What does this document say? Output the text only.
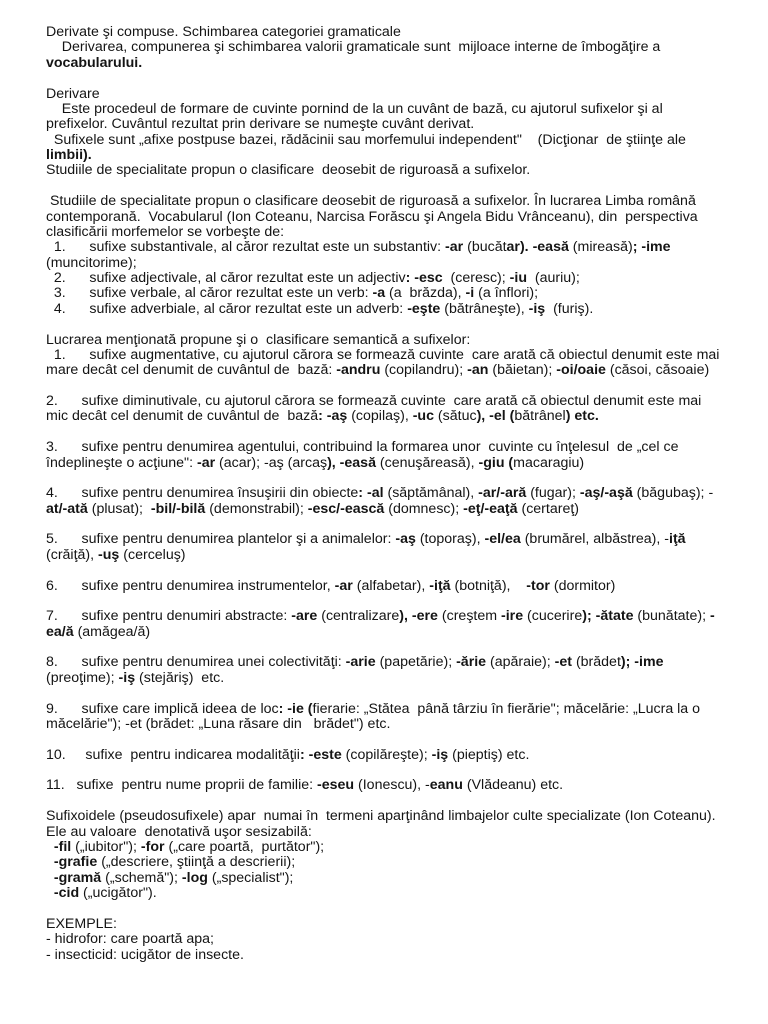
Derivate şi compuse. Schimbarea categoriei gramaticale
Derivarea, compunerea şi schimbarea valorii gramaticale sunt  mijloace interne de îmbogăţire a
vocabularului.
Derivare
Este procedeul de formare de cuvinte pornind de la un cuvânt de bază, cu ajutorul sufixelor şi al
prefixelor. Cuvântul rezultat prin derivare se numeşte cuvânt derivat.
Sufixele sunt „afixe postpuse bazei, rădăcinii sau morfemului independent"    (Dicţionar  de ştiinţe ale
limbii).
Studiile de specialitate propun o clasificare  deosebit de riguroasă a sufixelor.
Studiile de specialitate propun o clasificare deosebit de riguroasă a sufixelor. În lucrarea Limba română
contemporană.  Vocabularul (Ion Coteanu, Narcisa Forăscu şi Angela Bidu Vrânceanu), din  perspectiva
clasificării morfemelor se vorbeşte de:
1.      sufixe substantivale, al căror rezultat este un substantiv: -ar (bucătar). -easă (mireasă); -ime
(muncitorime);
2.      sufixe adjectivale, al căror rezultat este un adjectiv: -esc  (ceresc); -iu  (auriu);
3.      sufixe verbale, al căror rezultat este un verb: -a (a  brăzda), -i (a înflori);
4.      sufixe adverbiale, al căror rezultat este un adverb: -eşte (bătrâneşte), -iş  (furiş).
Lucrarea menţionată propune şi o  clasificare semantică a sufixelor:
1.      sufixe augmentative, cu ajutorul cărora se formează cuvinte  care arată că obiectul denumit este mai
mare decât cel denumit de cuvântul de  bază: -andru (copilandru); -an (băietan); -oi/oaie (căsoi, căsoaie)
2.      sufixe diminutivale, cu ajutorul cărora se formează cuvinte  care arată că obiectul denumit este mai
mic decât cel denumit de cuvântul de  bază: -aş (copilaş), -uc (sătuc), -el (bătrânel) etc.
3.      sufixe pentru denumirea agentului, contribuind la formarea unor  cuvinte cu înţelesul  de „cel ce
îndeplineşte o acţiune": -ar (acar); -aş (arcaş), -easă (cenuşăreasă), -giu (macaragiu)
4.      sufixe pentru denumirea însuşirii din obiecte: -al (săptămânal), -ar/-ară (fugar); -aş/-aşă (băgubaş); -
at/-ată (plusat);  -bil/-bilă (demonstrabil); -esc/-ească (domnesc); -eţ/-eaţă (certareţ)
5.      sufixe pentru denumirea plantelor şi a animalelor: -aş (toporaş), -el/ea (brumărel, albăstrea), -iţă
(crăiţă), -uş (cerceluş)
6.      sufixe pentru denumirea instrumentelor, -ar (alfabetar), -iţă (botniţă),    -tor (dormitor)
7.      sufixe pentru denumiri abstracte: -are (centralizare), -ere (creştem -ire (cucerire); -ătate (bunătate); -
ea/ă (amăgea/ă)
8.      sufixe pentru denumirea unei colectivităţi: -arie (papetărie); -ărie (apăraie); -et (brădet); -ime
(preoţime); -iş (stejăriş)  etc.
9.      sufixe care implică ideea de loc: -ie (fierarie: „Stătea  până târziu în fierărie"; măcelărie: „Lucra la o
măcelărie"); -et (brădet: „Luna răsare din   brădet") etc.
10.     sufixe  pentru indicarea modalităţii: -este (copilăreşte); -iş (pieptiş) etc.
11.   sufixe  pentru nume proprii de familie: -eseu (Ionescu), -eanu (Vlădeanu) etc.
Sufixoidele (pseudosufixele) apar  numai în  termeni aparţinând limbajelor culte specializate (Ion Coteanu).
Ele au valoare  denotativă uşor sesizabilă:
-fil („iubitor"); -for („care poartă,  purtător");
-grafie („descriere, ştiinţă a descrierii);
-gramă („schemă"); -log („specialist");
-cid („ucigător").
EXEMPLE:
- hidrofor: care poartă apa;
- insecticid: ucigător de insecte.
